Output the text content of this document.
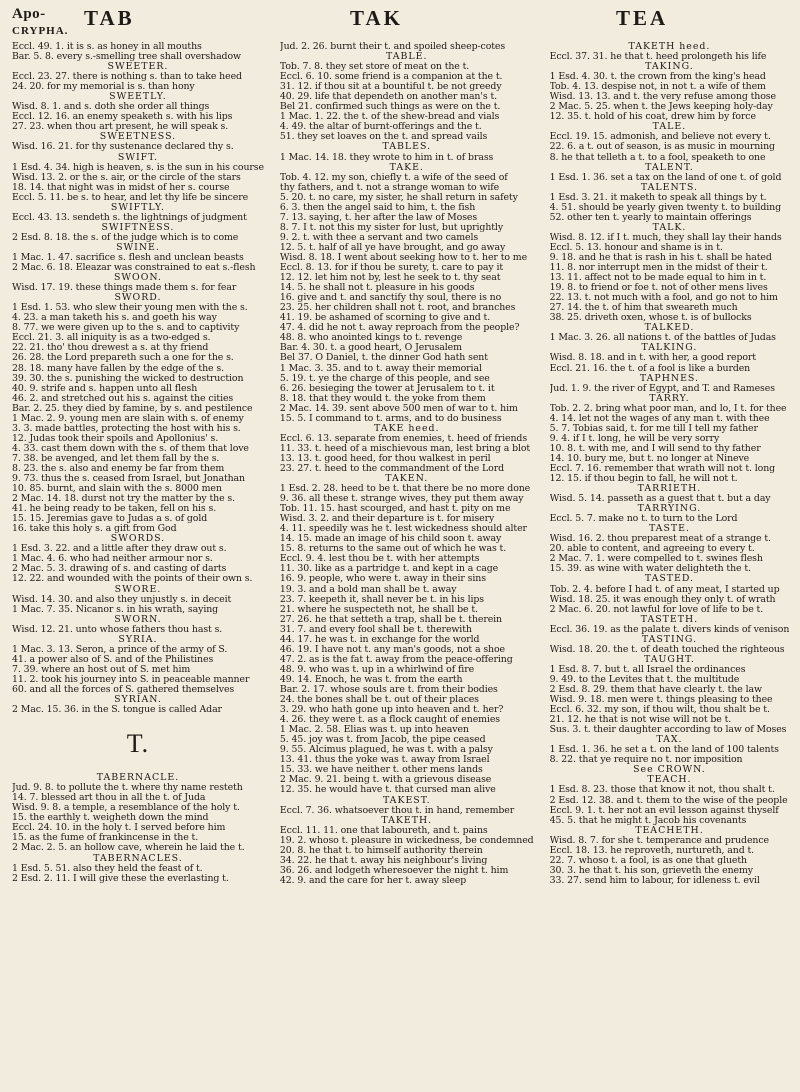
Apo-
CRYPHA.
TAB	TAK	TEA
Eccl. 49. 1. it is s. as honey in all mouths
Bar. 5. 8. every s.-smelling tree shall overshadow
SWEETER.
Eccl. 23. 27. there is nothing s. than to take heed
24. 20. for my memorial is s. than hony
SWEETLY.
Wisd. 8. 1. and s. doth she order all things
Eccl. 12. 16. an enemy speaketh s. with his lips
27. 23. when thou art present, he will speak s.
SWEETNESS.
Wisd. 16. 21. for thy sustenance declared thy s.
SWIFT.
1 Esd. 4. 34. high is heaven, s. is the sun in his course
Wisd. 13. 2. or the s. air, or the circle of the stars
18. 14. that night was in midst of her s. course
Eccl. 5. 11. be s. to hear, and let thy life be sincere
SWIFTLY.
Eccl. 43. 13. sendeth s. the lightnings of judgment
SWIFTNESS.
2 Esd. 8. 18. the s. of the judge which is to come
SWINE.
1 Mac. 1. 47. sacrifice s. flesh and unclean beasts
2 Mac. 6. 18. Eleazar was constrained to eat s.-flesh
SWOON.
Wisd. 17. 19. these things made them s. for fear
SWORD.
1 Esd. 1. 53. who slew their young men with the s.
4. 23. a man taketh his s. and goeth his way
8. 77. we were given up to the s. and to captivity
Eccl. 21. 3. all iniquity is as a two-edged s.
22. 21. tho' thou drewest a s. at thy friend
26. 28. the Lord prepareth such a one for the s.
28. 18. many have fallen by the edge of the s.
39. 30. the s. punishing the wicked to destruction
40. 9. strife and s. happen unto all flesh
46. 2. and stretched out his s. against the cities
Bar. 2. 25. they died by famine, by s. and pestilence
1 Mac. 2. 9. young men are slain with s. of enemy
3. 3. made battles, protecting the host with his s.
12. Judas took their spoils and Apollonius' s.
4. 33. cast them down with the s. of them that love
7. 38. be avenged, and let them fall by the s.
8. 23. the s. also and enemy be far from them
9. 73. thus the s. ceased from Israel, but Jonathan
10. 85. burnt, and slain with the s. 8000 men
2 Mac. 14. 18. durst not try the matter by the s.
41. he being ready to be taken, fell on his s.
15. 15. Jeremias gave to Judas a s. of gold
16. take this holy s. a gift from God
SWORDS.
1 Esd. 3. 22. and a little after they draw out s.
1 Mac. 4. 6. who had neither armour nor s.
2 Mac. 5. 3. drawing of s. and casting of darts
12. 22. and wounded with the points of their own s.
SWORE.
Wisd. 14. 30. and also they unjustly s. in deceit
1 Mac. 7. 35. Nicanor s. in his wrath, saying
SWORN.
Wisd. 12. 21. unto whose fathers thou hast s.
SYRIA.
1 Mac. 3. 13. Seron, a prince of the army of S.
41. a power also of S. and of the Philistines
7. 39. where an host out of S. met him
11. 2. took his journey into S. in peaceable manner
60. and all the forces of S. gathered themselves
SYRIAN.
2 Mac. 15. 36. in the S. tongue is called Adar
T.
TABERNACLE.
Jud. 9. 8. to pollute the t. where thy name resteth
14. 7. blessed art thou in all the t. of Juda
Wisd. 9. 8. a temple, a resemblance of the holy t.
15. the earthly t. weigheth down the mind
Eccl. 24. 10. in the holy t. I served before him
15. as the fume of frankincense in the t.
2 Mac. 2. 5. an hollow cave, wherein he laid the t.
TABERNACLES.
1 Esd. 5. 51. also they held the feast of t.
2 Esd. 2. 11. I will give these the everlasting t.
Jud. 2. 26. burnt their t. and spoiled sheep-cotes
TABLE.
Tob. 7. 8. they set store of meat on the t.
Eccl. 6. 10. some friend is a companion at the t.
31. 12. if thou sit at a bountiful t. be not greedy
40. 29. life that dependeth on another man's t.
Bel 21. confirmed such things as were on the t.
1 Mac. 1. 22. the t. of the shew-bread and vials
4. 49. the altar of burnt-offerings and the t.
51. they set loaves on the t. and spread vails
TABLES.
1 Mac. 14. 18. they wrote to him in t. of brass
TAKE.
Tob. 4. 12. my son, chiefly t. a wife of the seed of
thy fathers, and t. not a strange woman to wife
5. 20. t. no care, my sister, he shall return in safety
6. 3. then the angel said to him, t. the fish
7. 13. saying, t. her after the law of Moses
8. 7. I t. not this my sister for lust, but uprightly
9. 2. t. with thee a servant and two camels
12. 5. t. half of all ye have brought, and go away
Wisd. 8. 18. I went about seeking how to t. her to me
Eccl. 8. 13. for if thou be surety, t. care to pay it
12. 12. let him not by, lest he seek to t. thy seat
14. 5. he shall not t. pleasure in his goods
16. give and t. and sanctify thy soul, there is no
23. 25. her children shall not t. root, and branches
41. 19. be ashamed of scorning to give and t.
47. 4. did he not t. away reproach from the people?
48. 8. who anointed kings to t. revenge
Bar. 4. 30. t. a good heart, O Jerusalem
Bel 37. O Daniel, t. the dinner God hath sent
1 Mac. 3. 35. and to t. away their memorial
5. 19. t. ye the charge of this people, and see
6. 26. besieging the tower at Jerusalem to t. it
8. 18. that they would t. the yoke from them
2 Mac. 14. 39. sent above 500 men of war to t. him
15. 5. I command to t. arms, and to do business
TAKE heed.
Eccl. 6. 13. separate from enemies, t. heed of friends
11. 33. t. heed of a mischievous man, lest bring a blot
13. 13. t. good heed, for thou walkest in peril
23. 27. t. heed to the commandment of the Lord
TAKEN.
1 Esd. 2. 28. heed to be t. that there be no more done
9. 36. all these t. strange wives, they put them away
Tob. 11. 15. hast scourged, and hast t. pity on me
Wisd. 3. 2. and their departure is t. for misery
4. 11. speedily was he t. lest wickedness should alter
14. 15. made an image of his child soon t. away
15. 8. returns to the same out of which he was t.
Eccl. 9. 4. lest thou be t. with her attempts
11. 30. like as a partridge t. and kept in a cage
16. 9. people, who were t. away in their sins
19. 3. and a bold man shall be t. away
23. 7. keepeth it, shall never be t. in his lips
21. where he suspecteth not, he shall be t.
27. 26. he that setteth a trap, shall be t. therein
31. 7. and every fool shall be t. therewith
44. 17. he was t. in exchange for the world
46. 19. I have not t. any man's goods, not a shoe
47. 2. as is the fat t. away from the peace-offering
48. 9. who was t. up in a whirlwind of fire
49. 14. Enoch, he was t. from the earth
Bar. 2. 17. whose souls are t. from their bodies
24. the bones shall be t. out of their places
3. 29. who hath gone up into heaven and t. her?
4. 26. they were t. as a flock caught of enemies
1 Mac. 2. 58. Elias was t. up into heaven
5. 45. joy was t. from Jacob, the pipe ceased
9. 55. Alcimus plagued, he was t. with a palsy
13. 41. thus the yoke was t. away from Israel
15. 33. we have neither t. other mens lands
2 Mac. 9. 21. being t. with a grievous disease
12. 35. he would have t. that cursed man alive
TAKEST.
Eccl. 7. 36. whatsoever thou t. in hand, remember
TAKETH.
Eccl. 11. 11. one that laboureth, and t. pains
19. 2. whoso t. pleasure in wickedness, be condemned
20. 8. he that t. to himself authority therein
34. 22. he that t. away his neighbour's living
36. 26. and lodgeth wheresoever the night t. him
42. 9. and the care for her t. away sleep
TAKETH heed.
Eccl. 37. 31. he that t. heed prolongeth his life
TAKING.
1 Esd. 4. 30. t. the crown from the king's head
Tob. 4. 13. despise not, in not t. a wife of them
Wisd. 13. 13. and t. the very refuse among those
2 Mac. 5. 25. when t. the Jews keeping holy-day
12. 35. t. hold of his coat, drew him by force
TALE.
Eccl. 19. 15. admonish, and believe not every t.
22. 6. a t. out of season, is as music in mourning
8. he that telleth a t. to a fool, speaketh to one
TALENT.
1 Esd. 1. 36. set a tax on the land of one t. of gold
TALENTS.
1 Esd. 3. 21. it maketh to speak all things by t.
4. 51. should be yearly given twenty t. to building
52. other ten t. yearly to maintain offerings
TALK.
Wisd. 8. 12. if I t. much, they shall lay their hands
Eccl. 5. 13. honour and shame is in t.
9. 18. and he that is rash in his t. shall be hated
11. 8. nor interrupt men in the midst of their t.
13. 11. affect not to be made equal to him in t.
19. 8. to friend or foe t. not of other mens lives
22. 13. t. not much with a fool, and go not to him
27. 14. the t. of him that sweareth much
38. 25. driveth oxen, whose t. is of bullocks
TALKED.
1 Mac. 3. 26. all nations t. of the battles of Judas
TALKING.
Wisd. 8. 18. and in t. with her, a good report
Eccl. 21. 16. the t. of a fool is like a burden
TAPHNES.
Jud. 1. 9. the river of Egypt, and T. and Rameses
TARRY.
Tob. 2. 2. bring what poor man, and lo, I t. for thee
4. 14. let not the wages of any man t. with thee
5. 7. Tobias said, t. for me till I tell my father
9. 4. if I t. long, he will be very sorry
10. 8. t. with me, and I will send to thy father
14. 10. bury me, but t. no longer at Nineve
Eccl. 7. 16. remember that wrath will not t. long
12. 15. if thou begin to fall, he will not t.
TARRIETH.
Wisd. 5. 14. passeth as a guest that t. but a day
TARRYING.
Eccl. 5. 7. make no t. to turn to the Lord
TASTE.
Wisd. 16. 2. thou preparest meat of a strange t.
20. able to content, and agreeing to every t.
2 Mac. 7. 1. were compelled to t. swines flesh
15. 39. as wine with water delighteth the t.
TASTED.
Tob. 2. 4. before I had t. of any meat, I started up
Wisd. 18. 25. it was enough they only t. of wrath
2 Mac. 6. 20. not lawful for love of life to be t.
TASTETH.
Eccl. 36. 19. as the palate t. divers kinds of venison
TASTING.
Wisd. 18. 20. the t. of death touched the righteous
TAUGHT.
1 Esd. 8. 7. but t. all Israel the ordinances
9. 49. to the Levites that t. the multitude
2 Esd. 8. 29. them that have clearly t. the law
Wisd. 9. 18. men were t. things pleasing to thee
Eccl. 6. 32. my son, if thou wilt, thou shalt be t.
21. 12. he that is not wise will not be t.
Sus. 3. t. their daughter according to law of Moses
TAX.
1 Esd. 1. 36. he set a t. on the land of 100 talents
8. 22. that ye require no t. nor imposition
See CROWN.
TEACH.
1 Esd. 8. 23. those that know it not, thou shalt t.
2 Esd. 12. 38. and t. them to the wise of the people
Eccl. 9. 1. t. her not an evil lesson against thyself
45. 5. that he might t. Jacob his covenants
TEACHETH.
Wisd. 8. 7. for she t. temperance and prudence
Eccl. 18. 13. he reproveth, nurtureth, and t.
22. 7. whoso t. a fool, is as one that glueth
30. 3. he that t. his son, grieveth the enemy
33. 27. send him to labour, for idleness t. evil
